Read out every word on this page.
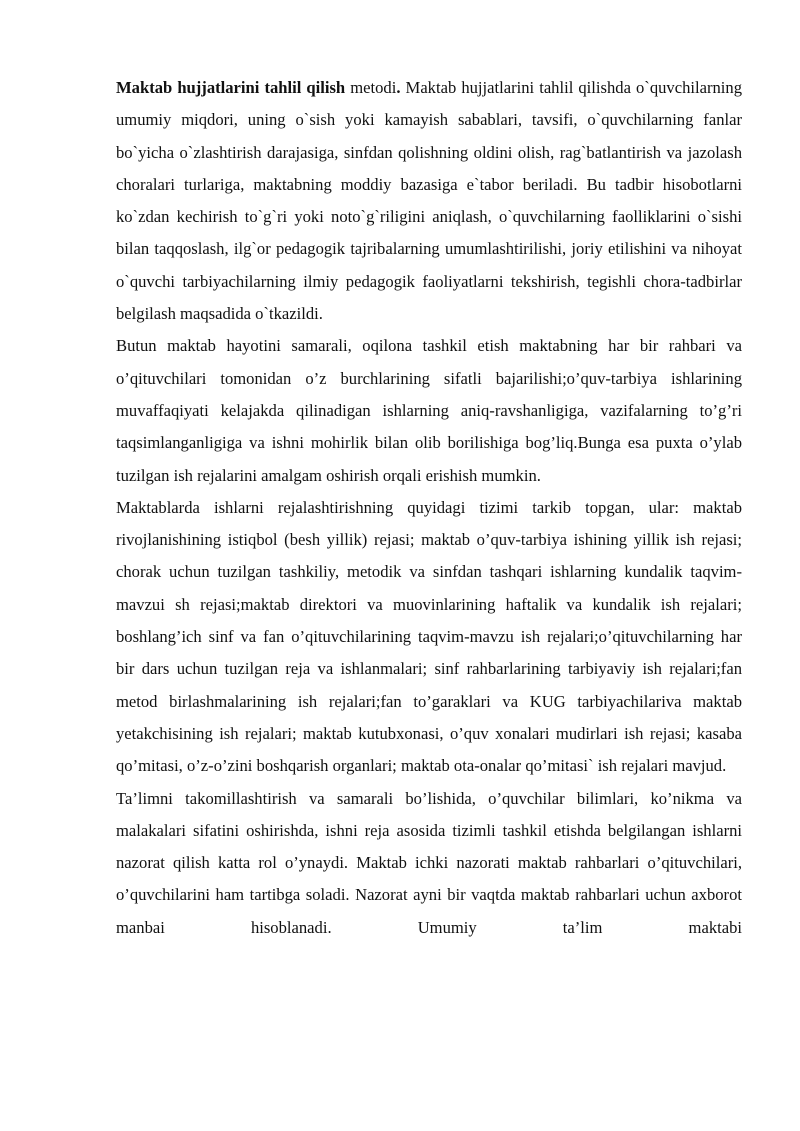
Maktab hujjatlarini tahlil qilish metodi. Maktab hujjatlarini tahlil qilishda o`quvchilarning umumiy miqdori, uning o`sish yoki kamayish sabablari, tavsifi, o`quvchilarning fanlar bo`yicha o`zlashtirish darajasiga, sinfdan qolishning oldini olish, rag`batlantirish va jazolash choralari turlariga, maktabning moddiy bazasiga e`tabor beriladi. Bu tadbir hisobotlarni ko`zdan kechirish to`g`ri yoki noto`g`riligini aniqlash, o`quvchilarning faolliklarini o`sishi bilan taqqoslash, ilg`or pedagogik tajribalarning umumlashtirilishi, joriy etilishini va nihoyat o`quvchi tarbiyachilarning ilmiy pedagogik faoliyatlarni tekshirish, tegishli chora-tadbirlar belgilash maqsadida o`tkazildi.

Butun maktab hayotini samarali, oqilona tashkil etish maktabning har bir rahbari va o’qituvchilari tomonidan o’z burchlarining sifatli bajarilishi;o’quv-tarbiya ishlarining muvaffaqiyati kelajakda qilinadigan ishlarning aniq-ravshanligiga, vazifalarning to’g’ri taqsimlanganligiga va ishni mohirlik bilan olib borilishiga bog’liq.Bunga esa puxta o’ylab tuzilgan ish rejalarini amalgam oshirish orqali erishish mumkin.

Maktablarda ishlarni rejalashtirishning quyidagi tizimi tarkib topgan, ular: maktab rivojlanishining istiqbol (besh yillik) rejasi; maktab o’quv-tarbiya ishining yillik ish rejasi; chorak uchun tuzilgan tashkiliy, metodik va sinfdan tashqari ishlarning kundalik taqvim-mavzui sh rejasi;maktab direktori va muovinlarining haftalik va kundalik ish rejalari; boshlang’ich sinf va fan o’qituvchilarining taqvim-mavzu ish rejalari;o’qituvchilarning har bir dars uchun tuzilgan reja va ishlanmalari; sinf rahbarlarining tarbiyaviy ish rejalari;fan metod birlashmalarining ish rejalari;fan to’garaklari va KUG tarbiyachilariva maktab yetakchisining ish rejalari; maktab kutubxonasi, o’quv xonalari mudirlari ish rejasi; kasaba qo’mitasi, o’z-o’zini boshqarish organlari; maktab ota-onalar qo’mitasi` ish rejalari mavjud.

Ta’limni takomillashtirish va samarali bo’lishida, o’quvchilar bilimlari, ko’nikma va malakalari sifatini oshirishda, ishni reja asosida tizimli tashkil etishda belgilangan ishlarni nazorat qilish katta rol o’ynaydi. Maktab ichki nazorati maktab rahbarlari o’qituvchilari, o’quvchilarini ham tartibga soladi. Nazorat ayni bir vaqtda maktab rahbarlari uchun axborot manbai hisoblanadi. Umumiy ta’lim maktabi
